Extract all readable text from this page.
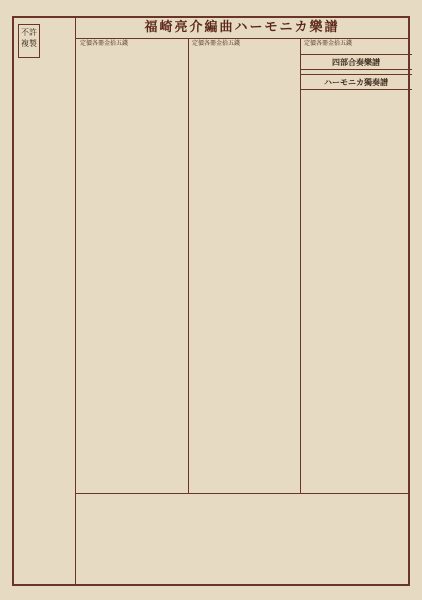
不許複製
福崎亮介編曲ハーモニカ樂譜
定價各冊金拾五錢	定價各冊金拾五錢	定價各冊金拾五錢
四部合奏樂譜
ハーモニカ獨奏譜
